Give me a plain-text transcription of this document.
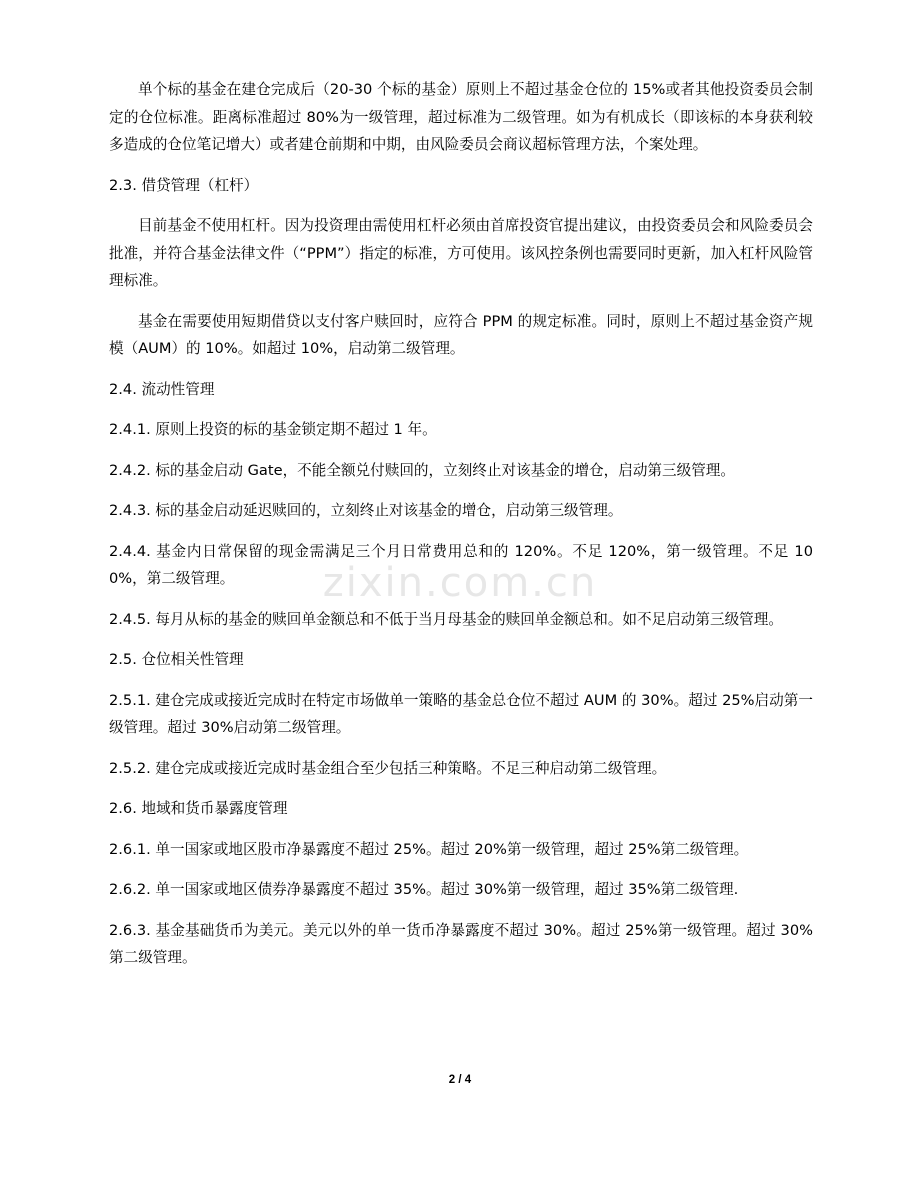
zixin.com.cn

单个标的基金在建仓完成后（20-30 个标的基金）原则上不超过基金仓位的 15%或者其他投资委员会制定的仓位标准。距离标准超过 80%为一级管理，超过标准为二级管理。如为有机成长（即该标的本身获利较多造成的仓位笔记增大）或者建仓前期和中期，由风险委员会商议超标管理方法，个案处理。

2.3. 借贷管理（杠杆）

目前基金不使用杠杆。因为投资理由需使用杠杆必须由首席投资官提出建议，由投资委员会和风险委员会批准，并符合基金法律文件（“PPM”）指定的标准，方可使用。该风控条例也需要同时更新，加入杠杆风险管理标准。

基金在需要使用短期借贷以支付客户赎回时，应符合 PPM 的规定标准。同时，原则上不超过基金资产规模（AUM）的 10%。如超过 10%，启动第二级管理。

2.4. 流动性管理

2.4.1. 原则上投资的标的基金锁定期不超过 1 年。

2.4.2. 标的基金启动 Gate，不能全额兑付赎回的，立刻终止对该基金的增仓，启动第三级管理。

2.4.3. 标的基金启动延迟赎回的，立刻终止对该基金的增仓，启动第三级管理。

2.4.4. 基金内日常保留的现金需满足三个月日常费用总和的 120%。不足 120%，第一级管理。不足 100%，第二级管理。

2.4.5. 每月从标的基金的赎回单金额总和不低于当月母基金的赎回单金额总和。如不足启动第三级管理。

2.5. 仓位相关性管理

2.5.1. 建仓完成或接近完成时在特定市场做单一策略的基金总仓位不超过 AUM 的 30%。超过 25%启动第一级管理。超过 30%启动第二级管理。

2.5.2. 建仓完成或接近完成时基金组合至少包括三种策略。不足三种启动第二级管理。

2.6. 地域和货币暴露度管理

2.6.1. 单一国家或地区股市净暴露度不超过 25%。超过 20%第一级管理，超过 25%第二级管理。

2.6.2. 单一国家或地区债券净暴露度不超过 35%。超过 30%第一级管理，超过 35%第二级管理.

2.6.3. 基金基础货币为美元。美元以外的单一货币净暴露度不超过 30%。超过 25%第一级管理。超过 30%第二级管理。

2 / 4
